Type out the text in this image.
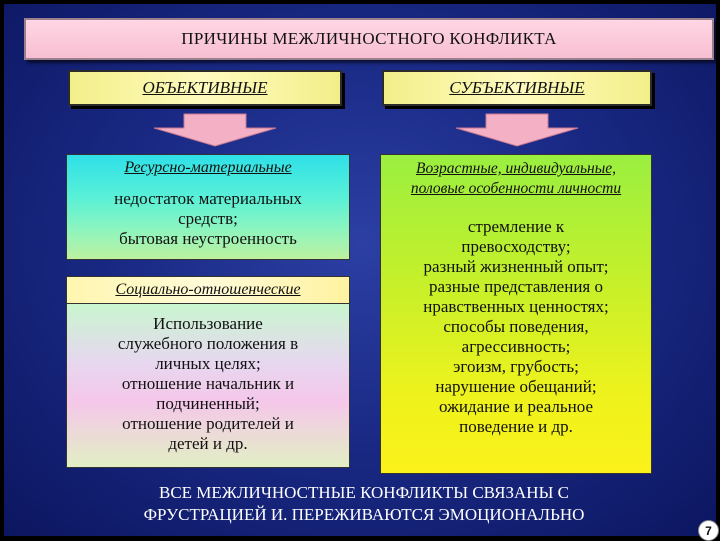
ПРИЧИНЫ МЕЖЛИЧНОСТНОГО КОНФЛИКТА
ОБЪЕКТИВНЫЕ	СУБЪЕКТИВНЫЕ
Ресурсно-материальные
недостаток материальных
средств;
бытовая неустроенность
Социально-отношенческие
Использование
служебного положения в
личных целях;
отношение начальник и
подчиненный;
отношение родителей и
детей и др.
Возрастные, индивидуальные,
половые особенности личности
стремление к
превосходству;
разный жизненный опыт;
разные представления о
нравственных ценностях;
способы поведения,
агрессивность;
эгоизм, грубость;
нарушение обещаний;
ожидание и реальное
поведение и др.
ВСЕ МЕЖЛИЧНОСТНЫЕ КОНФЛИКТЫ СВЯЗАНЫ С
ФРУСТРАЦИЕЙ И. ПЕРЕЖИВАЮТСЯ ЭМОЦИОНАЛЬНО
7
